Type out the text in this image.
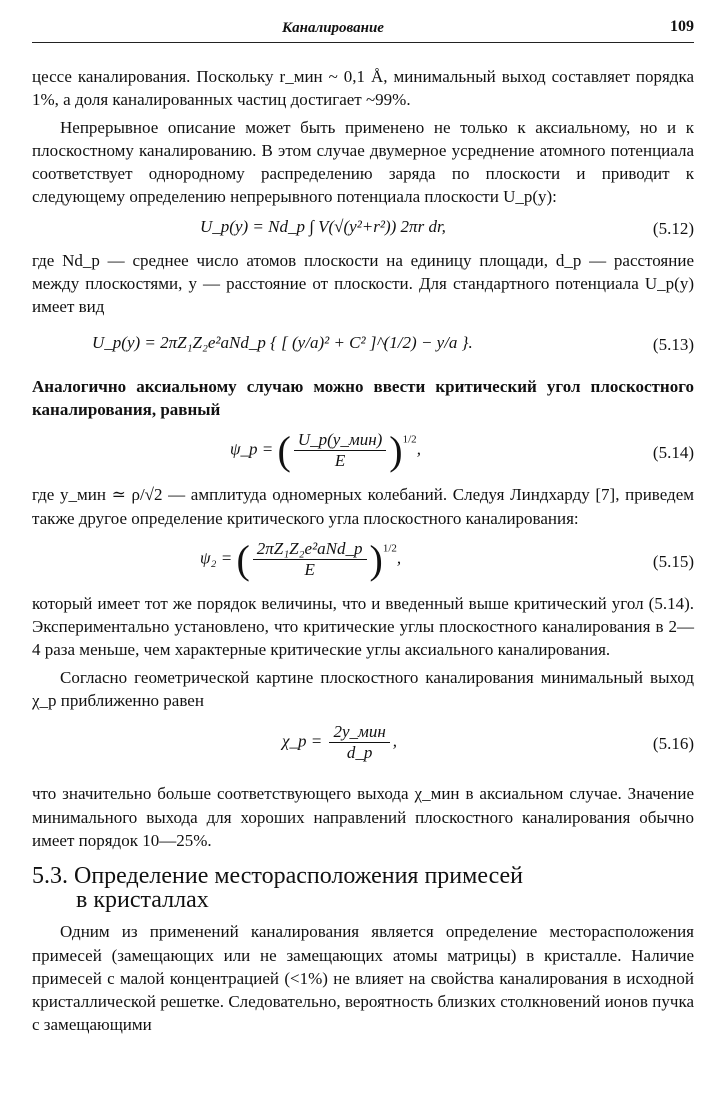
Каналирование	109

цессе каналирования. Поскольку r_мин ~ 0,1 Å, минимальный выход составляет порядка 1%, а доля каналированных частиц достигает ~99%.

Непрерывное описание может быть применено не только к аксиальному, но и к плоскостному каналированию. В этом случае двумерное усреднение атомного потенциала соответствует однородному распределению заряда по плоскости и приводит к следующему определению непрерывного потенциала плоскости U_p(y):

U_p(y) = Nd_p ∫ V(√(y²+r²)) 2πr dr,	(5.12)

где Nd_p — среднее число атомов плоскости на единицу площади, d_p — расстояние между плоскостями, y — расстояние от плоскости. Для стандартного потенциала U_p(y) имеет вид

U_p(y) = 2πZ₁Z₂e²aNd_p { [ (y/a)² + C² ]^(1/2) − y/a }.	(5.13)

Аналогично аксиальному случаю можно ввести критический угол плоскостного каналирования, равный

ψ_p = ( $\frac{\text{U\_p(y\_мин)}}{E} )^{1/2}$,	(5.14)

где y_мин ≃ ρ/√2 — амплитуда одномерных колебаний. Следуя Линдхарду [7], приведем также другое определение критического угла плоскостного каналирования:

ψ₂ = ( $\frac{\text{2πZ₁Z₂e²aNd\_p}}{E} )^{1/2}$,	(5.15)

который имеет тот же порядок величины, что и введенный выше критический угол (5.14). Экспериментально установлено, что критические углы плоскостного каналирования в 2—4 раза меньше, чем характерные критические углы аксиального каналирования.

Согласно геометрической картине плоскостного каналирования минимальный выход χ_p приближенно равен

χ_p = $\frac{\text{2y\_мин}}{d\_p}$ ,	(5.16)

что значительно больше соответствующего выхода χ_мин в аксиальном случае. Значение минимального выхода для хороших направлений плоскостного каналирования обычно имеет порядок 10—25%.

5.3. Определение месторасположения примесей
в кристаллах

Одним из применений каналирования является определение месторасположения примесей (замещающих или не замещающих атомы матрицы) в кристалле. Наличие примесей с малой концентрацией (<1%) не влияет на свойства каналирования в исходной кристаллической решетке. Следовательно, вероятность близких столкновений ионов пучка с замещающими
